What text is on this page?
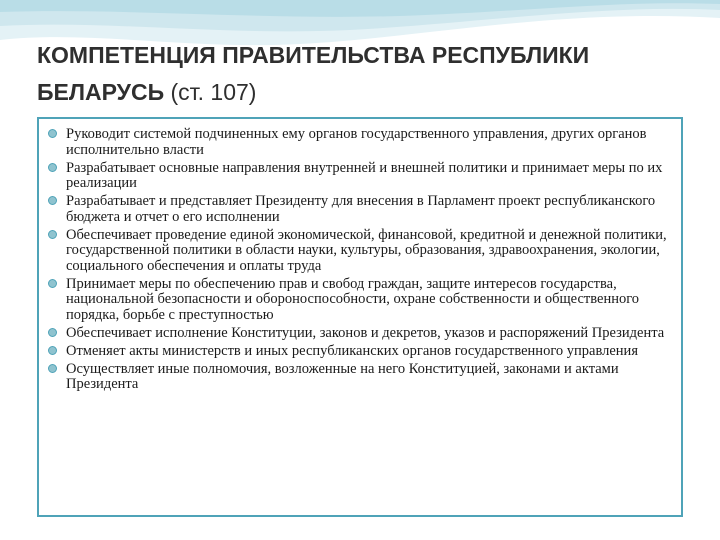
КОМПЕТЕНЦИЯ ПРАВИТЕЛЬСТВА РЕСПУБЛИКИ БЕЛАРУСЬ (ст. 107)
Руководит системой подчиненных ему органов государственного управления, других органов исполнительно власти
Разрабатывает основные направления внутренней и внешней политики и принимает меры по их реализации
Разрабатывает и представляет Президенту для внесения в Парламент проект республиканского бюджета и отчет о его исполнении
Обеспечивает проведение единой экономической, финансовой, кредитной и денежной политики, государственной политики в области науки, культуры, образования, здравоохранения, экологии, социального обеспечения и оплаты труда
Принимает меры по обеспечению прав и свобод граждан, защите интересов государства, национальной безопасности и обороноспособности, охране собственности и общественного порядка, борьбе с преступностью
Обеспечивает исполнение Конституции, законов и декретов, указов и распоряжений Президента
Отменяет акты министерств и иных республиканских органов государственного управления
Осуществляет иные полномочия, возложенные на него Конституцией, законами и актами Президента
